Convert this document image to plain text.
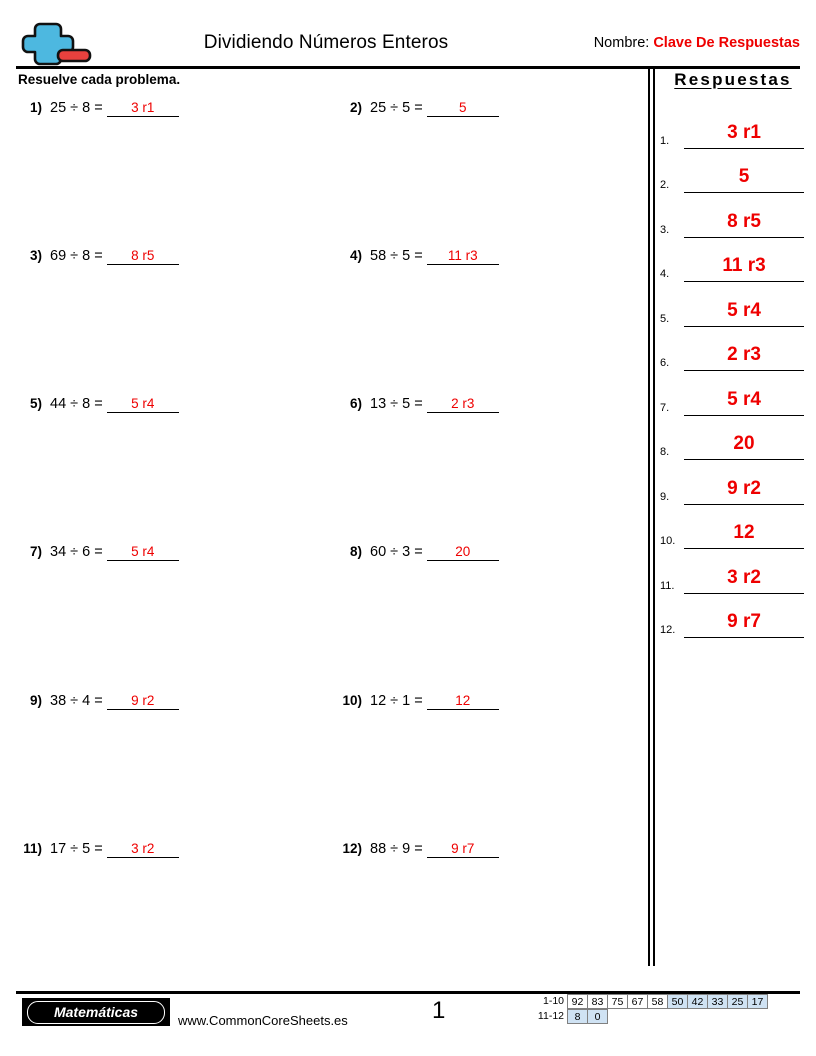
Dividiendo Números Enteros	Nombre: Clave De Respuestas
Resuelve cada problema.
1) 25 ÷ 8 =	3 r1	2) 25 ÷ 5 =	5
3) 69 ÷ 8 =	8 r5	4) 58 ÷ 5 =	11 r3
5) 44 ÷ 8 =	5 r4	6) 13 ÷ 5 =	2 r3
7) 34 ÷ 6 =	5 r4	8) 60 ÷ 3 =	20
9) 38 ÷ 4 =	9 r2	10) 12 ÷ 1 =	12
11) 17 ÷ 5 =	3 r2	12) 88 ÷ 9 =	9 r7
Respuestas
1.	3 r1
2.	5
3.	8 r5
4.	11 r3
5.	5 r4
6.	2 r3
7.	5 r4
8.	20
9.	9 r2
10.	12
11.	3 r2
12.	9 r7
Matemáticas
www.CommonCoreSheets.es	1	1-10 92 83 75 67 58 50 42 33 25 17
11-12	8	0
